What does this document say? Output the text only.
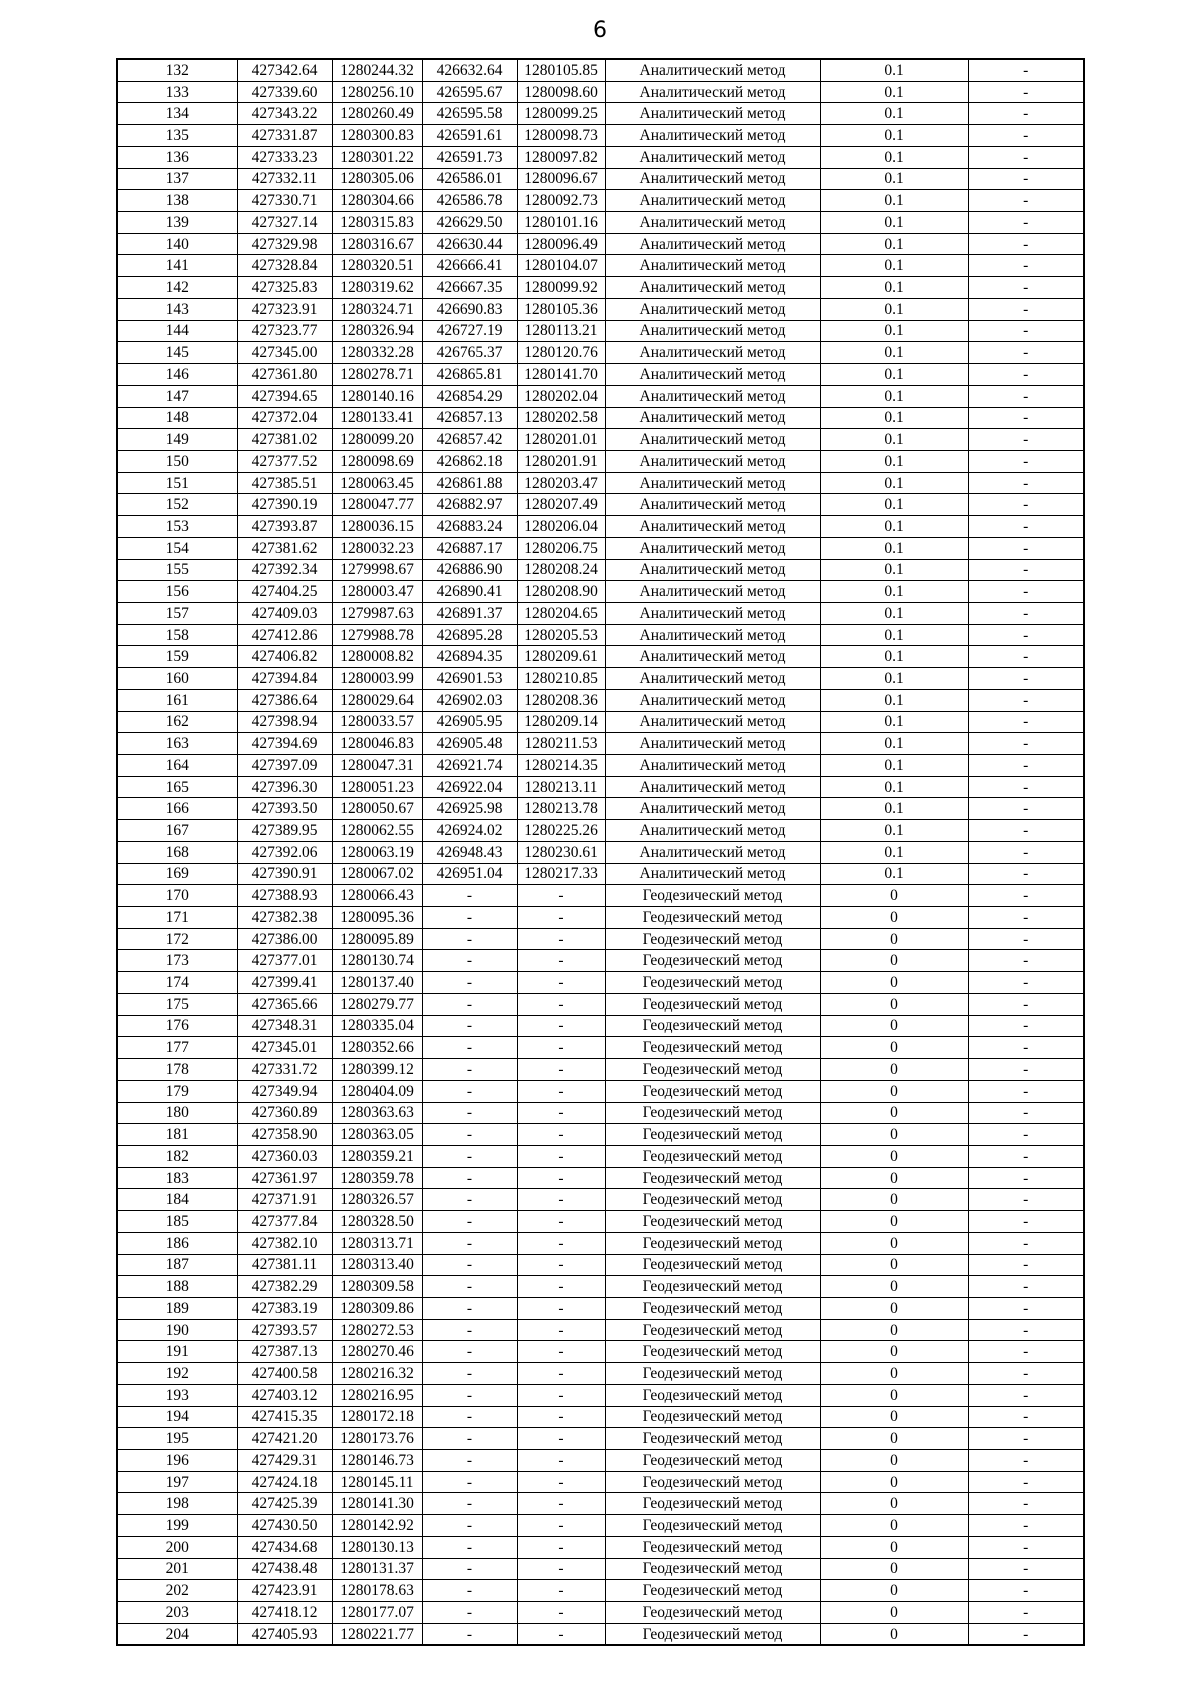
6
132	427342.64	1280244.32	426632.64	1280105.85	Аналитический метод	0.1	-
133	427339.60	1280256.10	426595.67	1280098.60	Аналитический метод	0.1	-
134	427343.22	1280260.49	426595.58	1280099.25	Аналитический метод	0.1	-
135	427331.87	1280300.83	426591.61	1280098.73	Аналитический метод	0.1	-
136	427333.23	1280301.22	426591.73	1280097.82	Аналитический метод	0.1	-
137	427332.11	1280305.06	426586.01	1280096.67	Аналитический метод	0.1	-
138	427330.71	1280304.66	426586.78	1280092.73	Аналитический метод	0.1	-
139	427327.14	1280315.83	426629.50	1280101.16	Аналитический метод	0.1	-
140	427329.98	1280316.67	426630.44	1280096.49	Аналитический метод	0.1	-
141	427328.84	1280320.51	426666.41	1280104.07	Аналитический метод	0.1	-
142	427325.83	1280319.62	426667.35	1280099.92	Аналитический метод	0.1	-
143	427323.91	1280324.71	426690.83	1280105.36	Аналитический метод	0.1	-
144	427323.77	1280326.94	426727.19	1280113.21	Аналитический метод	0.1	-
145	427345.00	1280332.28	426765.37	1280120.76	Аналитический метод	0.1	-
146	427361.80	1280278.71	426865.81	1280141.70	Аналитический метод	0.1	-
147	427394.65	1280140.16	426854.29	1280202.04	Аналитический метод	0.1	-
148	427372.04	1280133.41	426857.13	1280202.58	Аналитический метод	0.1	-
149	427381.02	1280099.20	426857.42	1280201.01	Аналитический метод	0.1	-
150	427377.52	1280098.69	426862.18	1280201.91	Аналитический метод	0.1	-
151	427385.51	1280063.45	426861.88	1280203.47	Аналитический метод	0.1	-
152	427390.19	1280047.77	426882.97	1280207.49	Аналитический метод	0.1	-
153	427393.87	1280036.15	426883.24	1280206.04	Аналитический метод	0.1	-
154	427381.62	1280032.23	426887.17	1280206.75	Аналитический метод	0.1	-
155	427392.34	1279998.67	426886.90	1280208.24	Аналитический метод	0.1	-
156	427404.25	1280003.47	426890.41	1280208.90	Аналитический метод	0.1	-
157	427409.03	1279987.63	426891.37	1280204.65	Аналитический метод	0.1	-
158	427412.86	1279988.78	426895.28	1280205.53	Аналитический метод	0.1	-
159	427406.82	1280008.82	426894.35	1280209.61	Аналитический метод	0.1	-
160	427394.84	1280003.99	426901.53	1280210.85	Аналитический метод	0.1	-
161	427386.64	1280029.64	426902.03	1280208.36	Аналитический метод	0.1	-
162	427398.94	1280033.57	426905.95	1280209.14	Аналитический метод	0.1	-
163	427394.69	1280046.83	426905.48	1280211.53	Аналитический метод	0.1	-
164	427397.09	1280047.31	426921.74	1280214.35	Аналитический метод	0.1	-
165	427396.30	1280051.23	426922.04	1280213.11	Аналитический метод	0.1	-
166	427393.50	1280050.67	426925.98	1280213.78	Аналитический метод	0.1	-
167	427389.95	1280062.55	426924.02	1280225.26	Аналитический метод	0.1	-
168	427392.06	1280063.19	426948.43	1280230.61	Аналитический метод	0.1	-
169	427390.91	1280067.02	426951.04	1280217.33	Аналитический метод	0.1	-
170	427388.93	1280066.43	-	-	Геодезический метод	0	-
171	427382.38	1280095.36	-	-	Геодезический метод	0	-
172	427386.00	1280095.89	-	-	Геодезический метод	0	-
173	427377.01	1280130.74	-	-	Геодезический метод	0	-
174	427399.41	1280137.40	-	-	Геодезический метод	0	-
175	427365.66	1280279.77	-	-	Геодезический метод	0	-
176	427348.31	1280335.04	-	-	Геодезический метод	0	-
177	427345.01	1280352.66	-	-	Геодезический метод	0	-
178	427331.72	1280399.12	-	-	Геодезический метод	0	-
179	427349.94	1280404.09	-	-	Геодезический метод	0	-
180	427360.89	1280363.63	-	-	Геодезический метод	0	-
181	427358.90	1280363.05	-	-	Геодезический метод	0	-
182	427360.03	1280359.21	-	-	Геодезический метод	0	-
183	427361.97	1280359.78	-	-	Геодезический метод	0	-
184	427371.91	1280326.57	-	-	Геодезический метод	0	-
185	427377.84	1280328.50	-	-	Геодезический метод	0	-
186	427382.10	1280313.71	-	-	Геодезический метод	0	-
187	427381.11	1280313.40	-	-	Геодезический метод	0	-
188	427382.29	1280309.58	-	-	Геодезический метод	0	-
189	427383.19	1280309.86	-	-	Геодезический метод	0	-
190	427393.57	1280272.53	-	-	Геодезический метод	0	-
191	427387.13	1280270.46	-	-	Геодезический метод	0	-
192	427400.58	1280216.32	-	-	Геодезический метод	0	-
193	427403.12	1280216.95	-	-	Геодезический метод	0	-
194	427415.35	1280172.18	-	-	Геодезический метод	0	-
195	427421.20	1280173.76	-	-	Геодезический метод	0	-
196	427429.31	1280146.73	-	-	Геодезический метод	0	-
197	427424.18	1280145.11	-	-	Геодезический метод	0	-
198	427425.39	1280141.30	-	-	Геодезический метод	0	-
199	427430.50	1280142.92	-	-	Геодезический метод	0	-
200	427434.68	1280130.13	-	-	Геодезический метод	0	-
201	427438.48	1280131.37	-	-	Геодезический метод	0	-
202	427423.91	1280178.63	-	-	Геодезический метод	0	-
203	427418.12	1280177.07	-	-	Геодезический метод	0	-
204	427405.93	1280221.77	-	-	Геодезический метод	0	-
